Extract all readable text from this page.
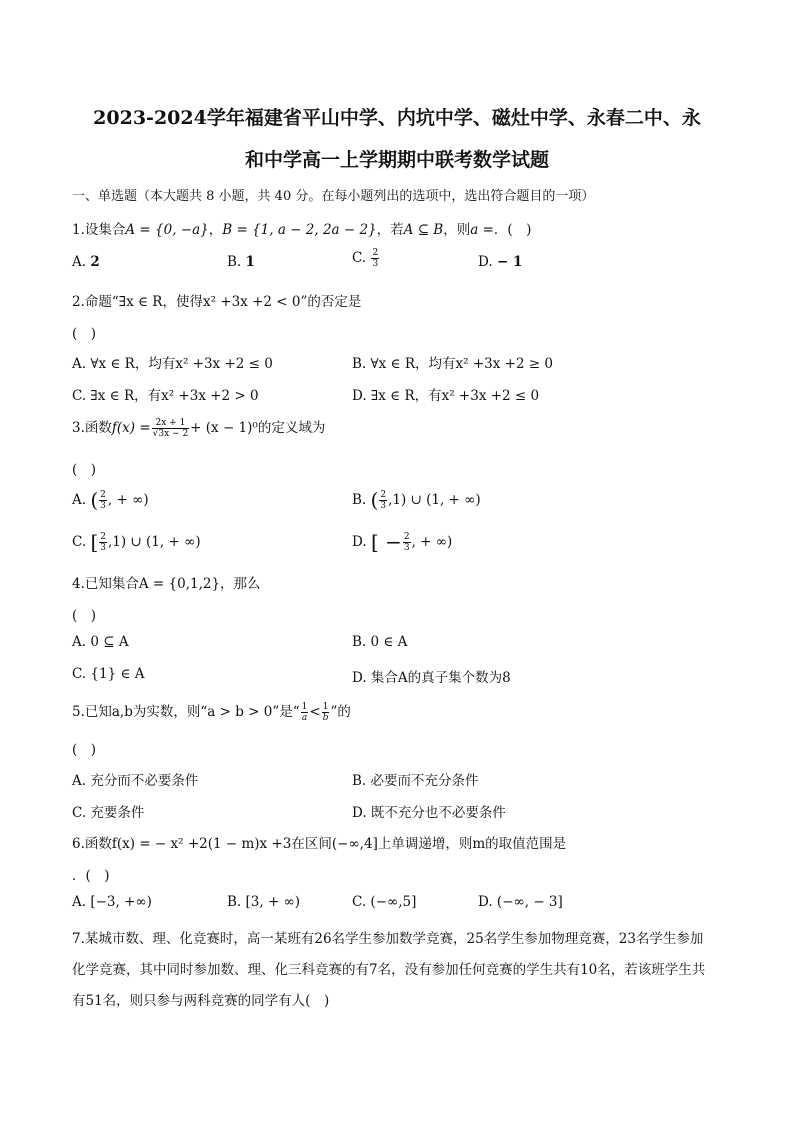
2023-2024学年福建省平山中学、内坑中学、磁灶中学、永春二中、永
和中学高一上学期期中联考数学试题
一、单选题（本大题共 8 小题，共 40 分。在每小题列出的选项中，选出符合题目的一项）
1.设集合A = {0, −a}，B = {1, a − 2, 2a − 2}，若A ⊆ B，则a =．(　)
A. 2	B. 1	C. $\frac{2}{3}$	D. − 1
2.命题“∃x ∈ R，使得x² +3x +2 < 0”的否定是
(　)
A. ∀x ∈ R，均有x² +3x +2 ≤ 0	B. ∀x ∈ R，均有x² +3x +2 ≥ 0
C. ∃x ∈ R，有x² +3x +2 > 0	D. ∃x ∈ R，有x² +3x +2 ≤ 0
3.函数$f(x) = \frac{2x + 1}{√3x - 2} + (x - 1)^0$的定义域为
(　)
A. ( $\frac{2}{3}$ , + ∞)	B. ( $\frac{2}{3} ,1$) ∪ (1, + ∞)
C. [ $\frac{2}{3} ,1$) ∪ (1, + ∞)	D. [ − $\frac{2}{3}$ , + ∞)
4.已知集合A = {0,1,2}，那么
(　)
A. 0 ⊆ A	B. 0 ∈ A
C. {1} ∈ A	D. 集合A的真子集个数为8
5.已知a,b为实数，则“a > b > 0”是“ $\frac{1}{a} < \frac{1}{b}$ ”的
(　)
A. 充分而不必要条件	B. 必要而不充分条件
C. 充要条件	D. 既不充分也不必要条件
6.函数f(x) = − x² +2(1 − m)x +3在区间(−∞,4]上单调递增，则m的取值范围是
．(　)
A. [−3, +∞)	B. [3, + ∞)	C. (−∞,5]	D. (−∞, − 3]
7.某城市数、理、化竞赛时，高一某班有26名学生参加数学竞赛，25名学生参加物理竞赛，23名学生参加
化学竞赛，其中同时参加数、理、化三科竞赛的有7名，没有参加任何竞赛的学生共有10名，若该班学生共
有51名，则只参与两科竞赛的同学有人(　)
